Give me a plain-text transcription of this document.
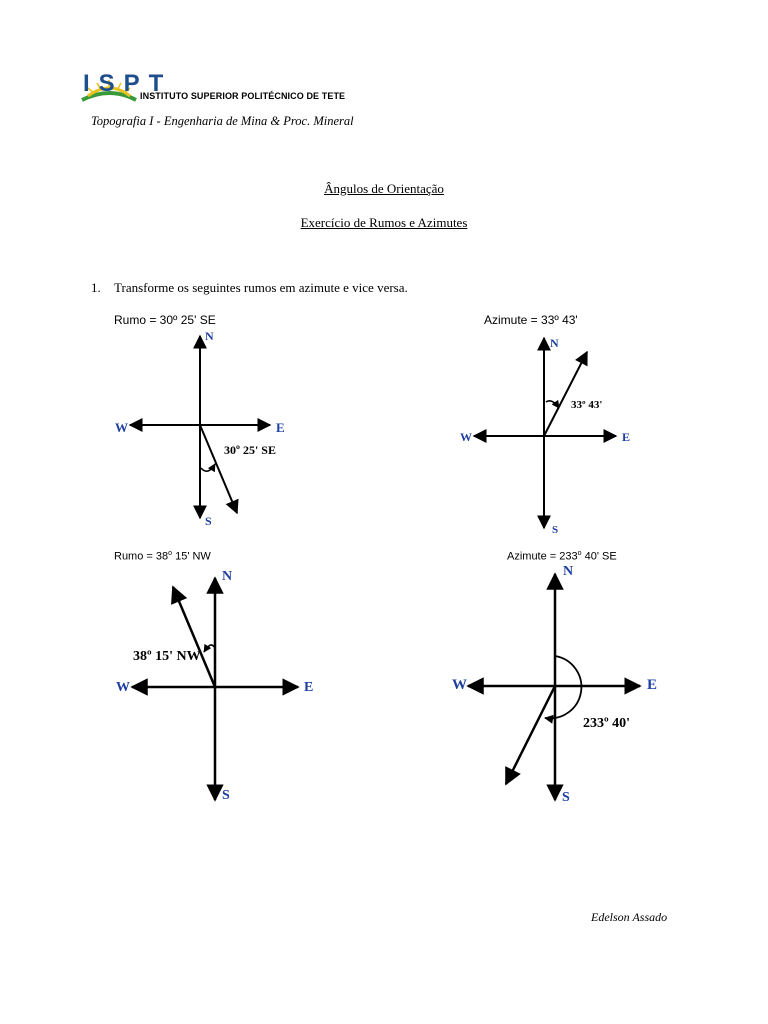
ISPT
INSTITUTO SUPERIOR POLITÉCNICO DE TETE
Topografia I - Engenharia de Mina & Proc. Mineral
Ângulos de Orientação
Exercício de Rumos e Azimutes
1. Transforme os seguintes rumos em azimute e vice versa.
Rumo = 30º 25' SE
N
S
W	E
30º 25' SE
Azimute = 33º 43'
N
S
W	E
33º 43'
Rumo = $38^o$ 15' NW
N
S
W	E
38º 15' NW
Azimute = $233^o$ 40' SE
N
S
W	E
233º 40'
Edelson Assado
